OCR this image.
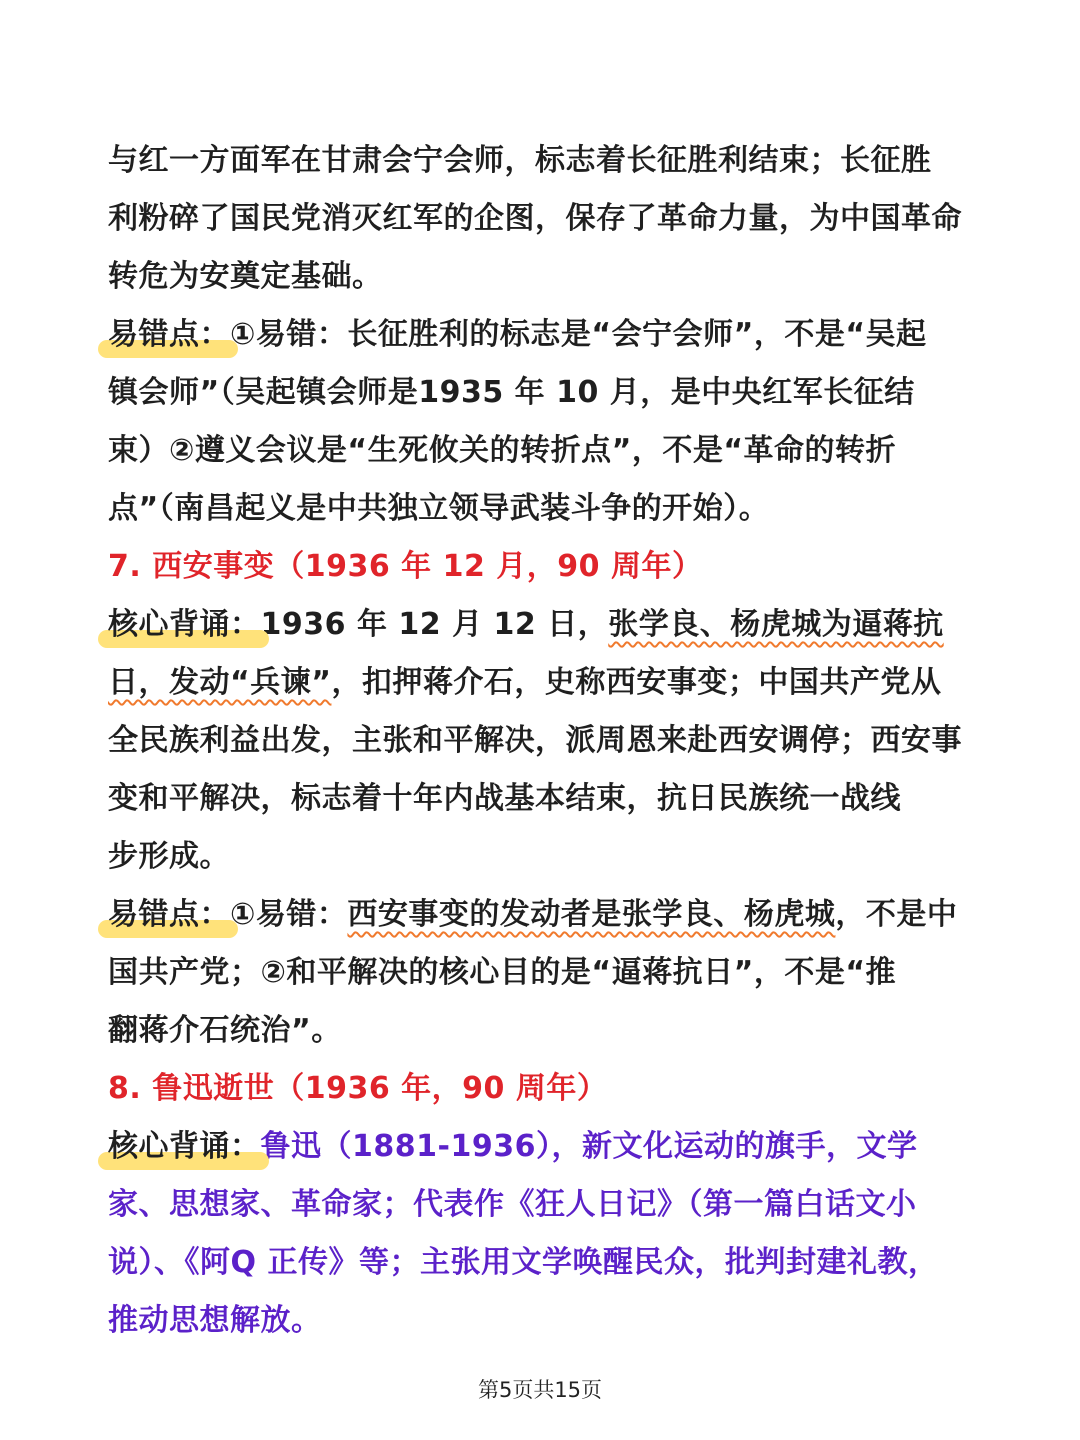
与红一方面军在甘肃会宁会师，标志着长征胜利结束；长征胜
利粉碎了国民党消灭红军的企图，保存了革命力量，为中国革命
转危为安奠定基础。
易错点：①易错：长征胜利的标志是“会宁会师”，不是“吴起
镇会师”（吴起镇会师是1935 年 10 月，是中央红军长征结
束）②遵义会议是“生死攸关的转折点”，不是“革命的转折
点”（南昌起义是中共独立领导武装斗争的开始）。
7. 西安事变（1936 年 12 月，90 周年）
核心背诵：1936 年 12 月 12 日，张学良、杨虎城为逼蒋抗
日，发动“兵谏”，扣押蒋介石，史称西安事变；中国共产党从
全民族利益出发，主张和平解决，派周恩来赴西安调停；西安事
变和平解决，标志着十年内战基本结束，抗日民族统一战线
步形成。
易错点：①易错：西安事变的发动者是张学良、杨虎城，不是中
国共产党；②和平解决的核心目的是“逼蒋抗日”，不是“推
翻蒋介石统治”。
8. 鲁迅逝世（1936 年，90 周年）
核心背诵：鲁迅（1881-1936），新文化运动的旗手，文学
家、思想家、革命家；代表作《狂人日记》（第一篇白话文小
说）、《阿Q 正传》等；主张用文学唤醒民众，批判封建礼教，
推动思想解放。
第5页共15页
